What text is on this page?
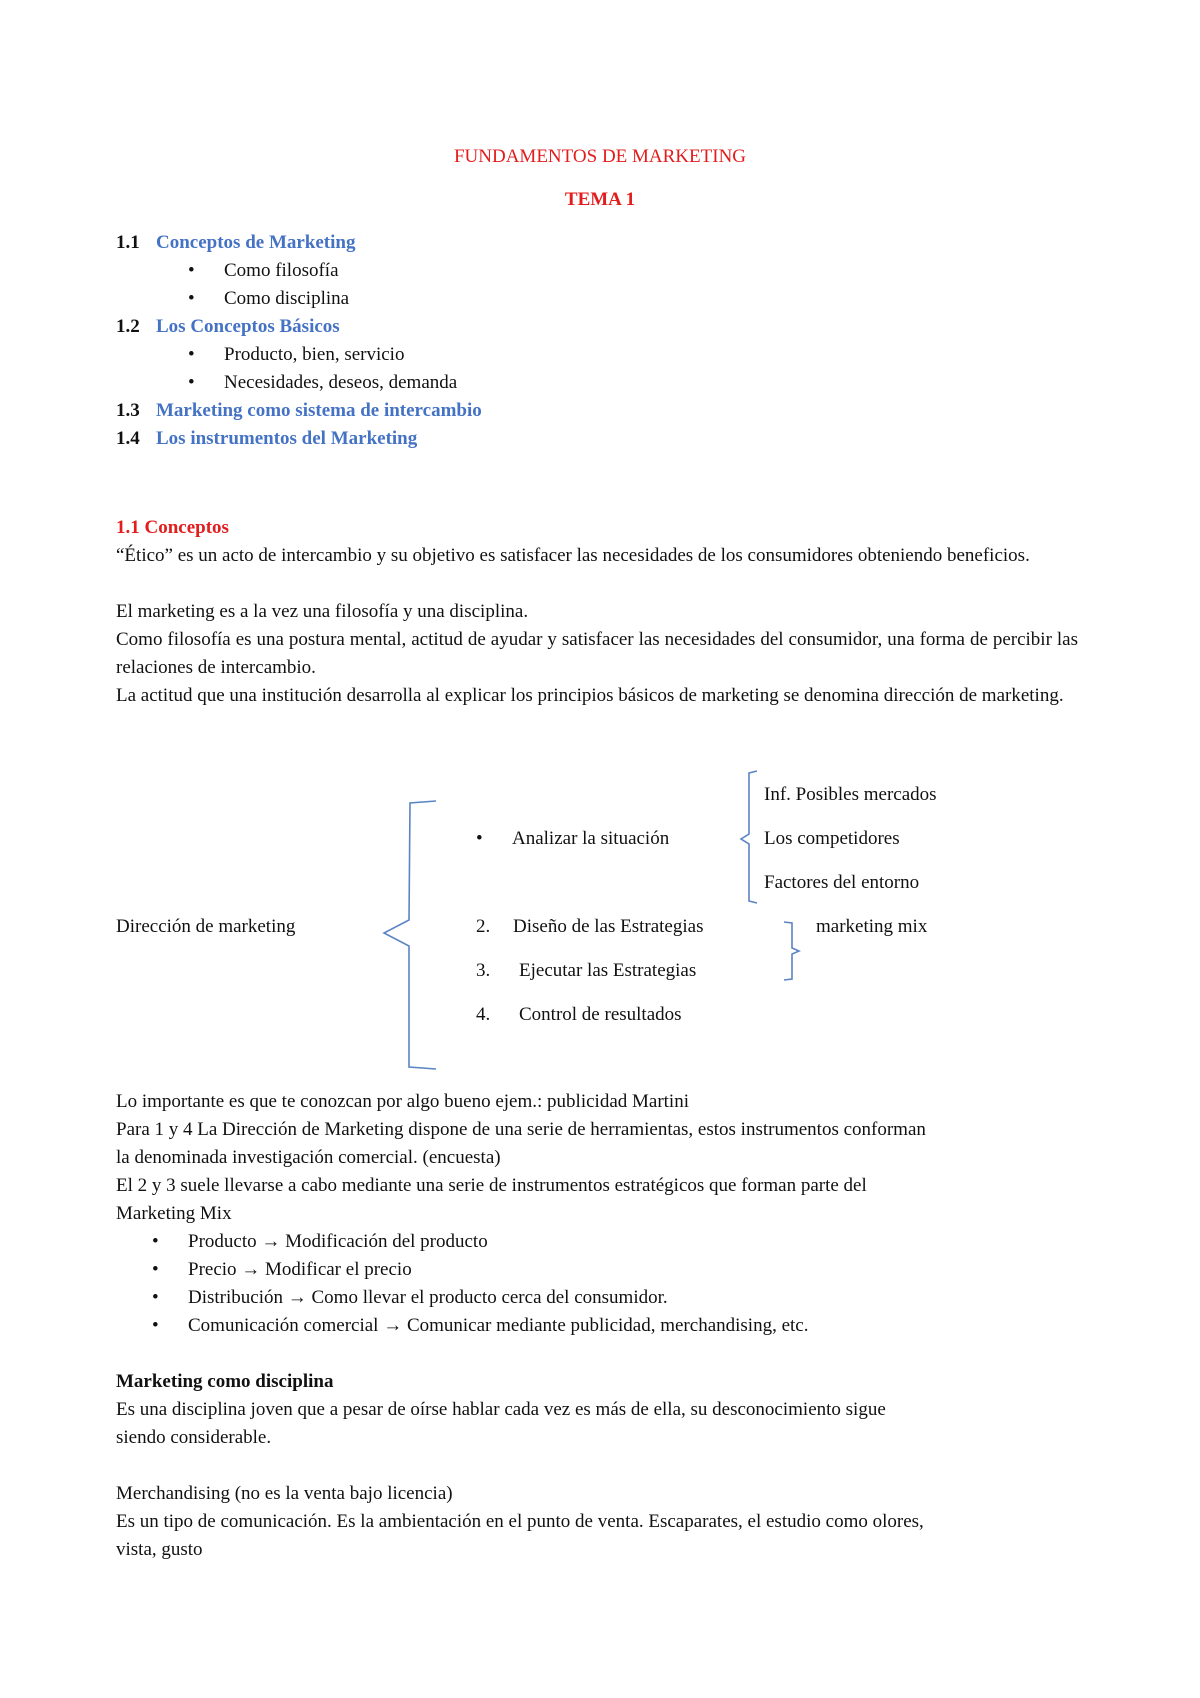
FUNDAMENTOS DE MARKETING
TEMA 1
1.1 Conceptos de Marketing
• Como filosofía
• Como disciplina
1.2 Los Conceptos Básicos
• Producto, bien, servicio
• Necesidades, deseos, demanda
1.3 Marketing como sistema de intercambio
1.4 Los instrumentos del Marketing
1.1 Conceptos
“Ético” es un acto de intercambio y su objetivo es satisfacer las necesidades de los consumidores obteniendo beneficios.
El marketing es a la vez una filosofía y una disciplina.
Como filosofía es una postura mental, actitud de ayudar y satisfacer las necesidades del consumidor, una forma de percibir las relaciones de intercambio.
La actitud que una institución desarrolla al explicar los principios básicos de marketing se denomina dirección de marketing.
Dirección de marketing
• Analizar la situación
Inf. Posibles mercados
Los competidores
Factores del entorno
2. Diseño de las Estrategias
3. Ejecutar las Estrategias
4. Control de resultados
marketing mix
Lo importante es que te conozcan por algo bueno ejem.: publicidad Martini
Para 1 y 4 La Dirección de Marketing dispone de una serie de herramientas, estos instrumentos conforman
la denominada investigación comercial. (encuesta)
El 2 y 3 suele llevarse a cabo mediante una serie de instrumentos estratégicos que forman parte del
Marketing Mix
• Producto → Modificación del producto
• Precio → Modificar el precio
• Distribución → Como llevar el producto cerca del consumidor.
• Comunicación comercial → Comunicar mediante publicidad, merchandising, etc.
Marketing como disciplina
Es una disciplina joven que a pesar de oírse hablar cada vez es más de ella, su desconocimiento sigue
siendo considerable.
Merchandising (no es la venta bajo licencia)
Es un tipo de comunicación. Es la ambientación en el punto de venta. Escaparates, el estudio como olores,
vista, gusto
